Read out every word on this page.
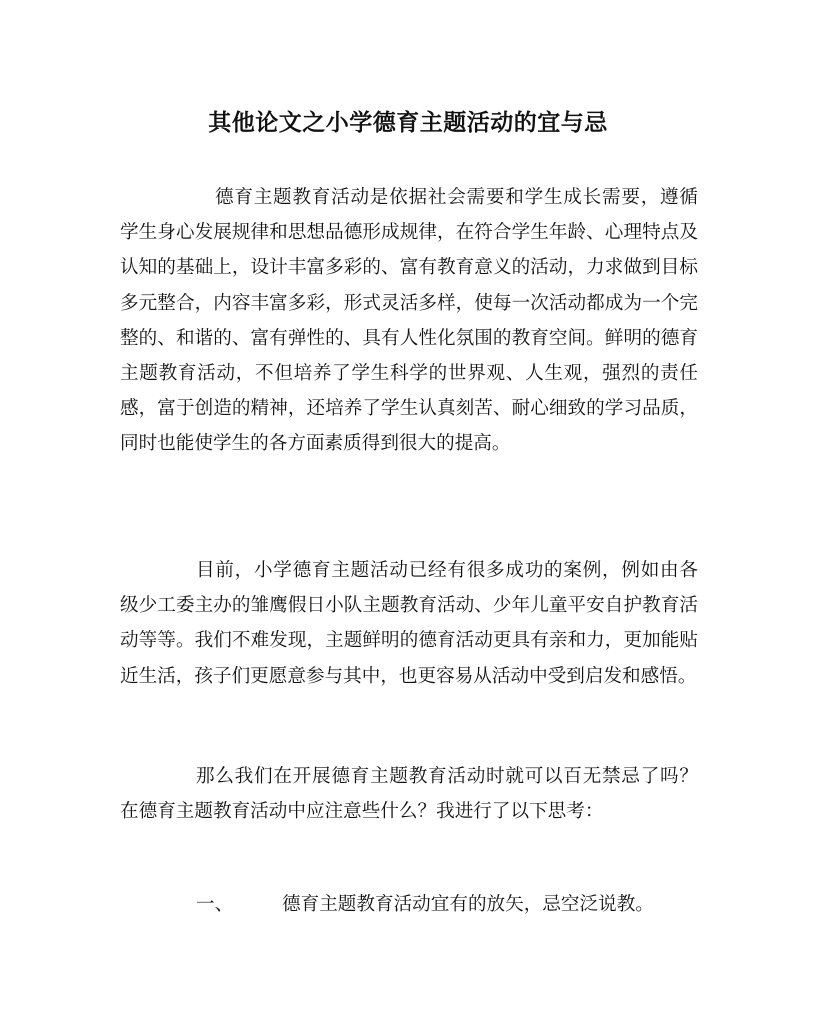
其他论文之小学德育主题活动的宜与忌

德育主题教育活动是依据社会需要和学生成长需要，遵循学生身心发展规律和思想品德形成规律，在符合学生年龄、心理特点及认知的基础上，设计丰富多彩的、富有教育意义的活动，力求做到目标多元整合，内容丰富多彩，形式灵活多样，使每一次活动都成为一个完整的、和谐的、富有弹性的、具有人性化氛围的教育空间。鲜明的德育主题教育活动，不但培养了学生科学的世界观、人生观，强烈的责任感，富于创造的精神，还培养了学生认真刻苦、耐心细致的学习品质，同时也能使学生的各方面素质得到很大的提高。

目前，小学德育主题活动已经有很多成功的案例，例如由各级少工委主办的雏鹰假日小队主题教育活动、少年儿童平安自护教育活动等等。我们不难发现，主题鲜明的德育活动更具有亲和力，更加能贴近生活，孩子们更愿意参与其中，也更容易从活动中受到启发和感悟。

那么我们在开展德育主题教育活动时就可以百无禁忌了吗？在德育主题教育活动中应注意些什么？我进行了以下思考：

一、	德育主题教育活动宜有的放矢，忌空泛说教。
